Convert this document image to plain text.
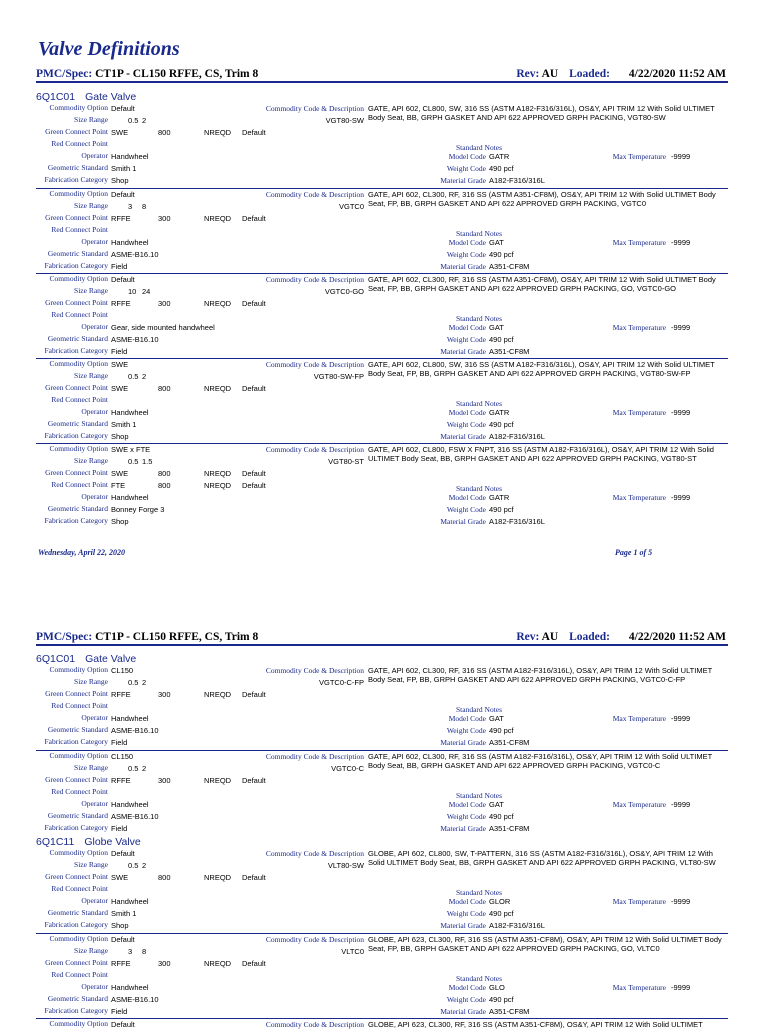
Valve Definitions
PMC/Spec: CT1P - CL150 RFFE, CS, Trim 8	Rev: AU Loaded: 4/22/2020 11:52 AM
6Q1C01 Gate Valve
Commodity Option Default
Size Range	0.5 2
Green Connect Point SWE	800	NREQD Default
Red Connect Point
Operator Handwheel
Geometric Standard Smith 1
Fabrication Category Shop
Commodity Code & Description
VGT80-SW
GATE, API 602, CL800, SW, 316 SS (ASTM A182-F316/316L), OS&Y, API TRIM 12 With Solid ULTIMET Body Seat, BB, GRPH GASKET AND API 622 APPROVED GRPH PACKING, VGT80-SW
Standard Notes
Model Code GATR
Weight Code 490 pcf
Material Grade A182-F316/316L
Max Temperature -9999
Commodity Option Default
Size Range	3 8
Green Connect Point RFFE	300	NREQD Default
Red Connect Point
Operator Handwheel
Geometric Standard ASME-B16.10
Fabrication Category Field
Commodity Code & Description
VGTC0
GATE, API 602, CL300, RF, 316 SS (ASTM A351-CF8M), OS&Y, API TRIM 12 With Solid ULTIMET Body Seat, FP, BB, GRPH GASKET AND API 622 APPROVED GRPH PACKING, VGTC0
Standard Notes
Model Code GAT
Weight Code 490 pcf
Material Grade A351-CF8M
Max Temperature -9999
Commodity Option Default
Size Range	10 24
Green Connect Point RFFE	300	NREQD Default
Red Connect Point
Operator Gear, side mounted handwheel
Geometric Standard ASME-B16.10
Fabrication Category Field
Commodity Code & Description
VGTC0-GO
GATE, API 602, CL300, RF, 316 SS (ASTM A351-CF8M), OS&Y, API TRIM 12 With Solid ULTIMET Body Seat, FP, BB, GRPH GASKET AND API 622 APPROVED GRPH PACKING, GO, VGTC0-GO
Standard Notes
Model Code GAT
Weight Code 490 pcf
Material Grade A351-CF8M
Max Temperature -9999
Commodity Option SWE
Size Range	0.5 2
Green Connect Point SWE	800	NREQD Default
Red Connect Point
Operator Handwheel
Geometric Standard Smith 1
Fabrication Category Shop
Commodity Code & Description
VGT80-SW-FP
GATE, API 602, CL800, SW, 316 SS (ASTM A182-F316/316L), OS&Y, API TRIM 12 With Solid ULTIMET Body Seat, FP, BB, GRPH GASKET AND API 622 APPROVED GRPH PACKING, VGT80-SW-FP
Standard Notes
Model Code GATR
Weight Code 490 pcf
Material Grade A182-F316/316L
Max Temperature -9999
Commodity Option SWE x FTE
Size Range	0.5 1.5
Green Connect Point SWE	800	NREQD Default
Red Connect Point FTE	800	NREQD Default
Operator Handwheel
Geometric Standard Bonney Forge 3
Fabrication Category Shop
Commodity Code & Description
VGT80-ST
GATE, API 602, CL800, FSW X FNPT, 316 SS (ASTM A182-F316/316L), OS&Y, API TRIM 12 With Solid ULTIMET Body Seat, BB, GRPH GASKET AND API 622 APPROVED GRPH PACKING, VGT80-ST
Standard Notes
Model Code GATR
Weight Code 490 pcf
Material Grade A182-F316/316L
Max Temperature -9999
Wednesday, April 22, 2020	Page 1 of 5
PMC/Spec: CT1P - CL150 RFFE, CS, Trim 8	Rev: AU Loaded: 4/22/2020 11:52 AM
6Q1C01 Gate Valve
6Q1C11 Globe Valve
Commodity Option CL150
Size Range	0.5 2
Green Connect Point RFFE	300	NREQD Default
Red Connect Point
Operator Handwheel
Geometric Standard ASME-B16.10
Fabrication Category Field
Commodity Code & Description
VGTC0-C-FP
GATE, API 602, CL300, RF, 316 SS (ASTM A182-F316/316L), OS&Y, API TRIM 12 With Solid ULTIMET Body Seat, FP, BB, GRPH GASKET AND API 622 APPROVED GRPH PACKING, VGTC0-C-FP
Standard Notes
Model Code GAT
Weight Code 490 pcf
Material Grade A351-CF8M
Max Temperature -9999
Commodity Option CL150
Size Range	0.5 2
Green Connect Point RFFE	300	NREQD Default
Red Connect Point
Operator Handwheel
Geometric Standard ASME-B16.10
Fabrication Category Field
Commodity Code & Description
VGTC0-C
GATE, API 602, CL300, RF, 316 SS (ASTM A182-F316/316L), OS&Y, API TRIM 12 With Solid ULTIMET Body Seat, BB, GRPH GASKET AND API 622 APPROVED GRPH PACKING, VGTC0-C
Standard Notes
Model Code GAT
Weight Code 490 pcf
Material Grade A351-CF8M
Max Temperature -9999
Commodity Option Default
Size Range	0.5 2
Green Connect Point SWE	800	NREQD Default
Red Connect Point
Operator Handwheel
Geometric Standard Smith 1
Fabrication Category Shop
Commodity Code & Description
VLT80-SW
GLOBE, API 602, CL800, SW, T-PATTERN, 316 SS (ASTM A182-F316/316L), OS&Y, API TRIM 12 With Solid ULTIMET Body Seat, BB, GRPH GASKET AND API 622 APPROVED GRPH PACKING, VLT80-SW
Standard Notes
Model Code GLOR
Weight Code 490 pcf
Material Grade A182-F316/316L
Max Temperature -9999
Commodity Option Default
Size Range	3 8
Green Connect Point RFFE	300	NREQD Default
Red Connect Point
Operator Handwheel
Geometric Standard ASME-B16.10
Fabrication Category Field
Commodity Code & Description
VLTC0
GLOBE, API 623, CL300, RF, 316 SS (ASTM A351-CF8M), OS&Y, API TRIM 12 With Solid ULTIMET Body Seat, FP, BB, GRPH GASKET AND API 622 APPROVED GRPH PACKING, GO, VLTC0
Standard Notes
Model Code GLO
Weight Code 490 pcf
Material Grade A351-CF8M
Max Temperature -9999
Commodity Option Default	Commodity Code & Description GLOBE, API 623, CL300, RF, 316 SS (ASTM A351-CF8M), OS&Y, API TRIM 12 With Solid ULTIMET
